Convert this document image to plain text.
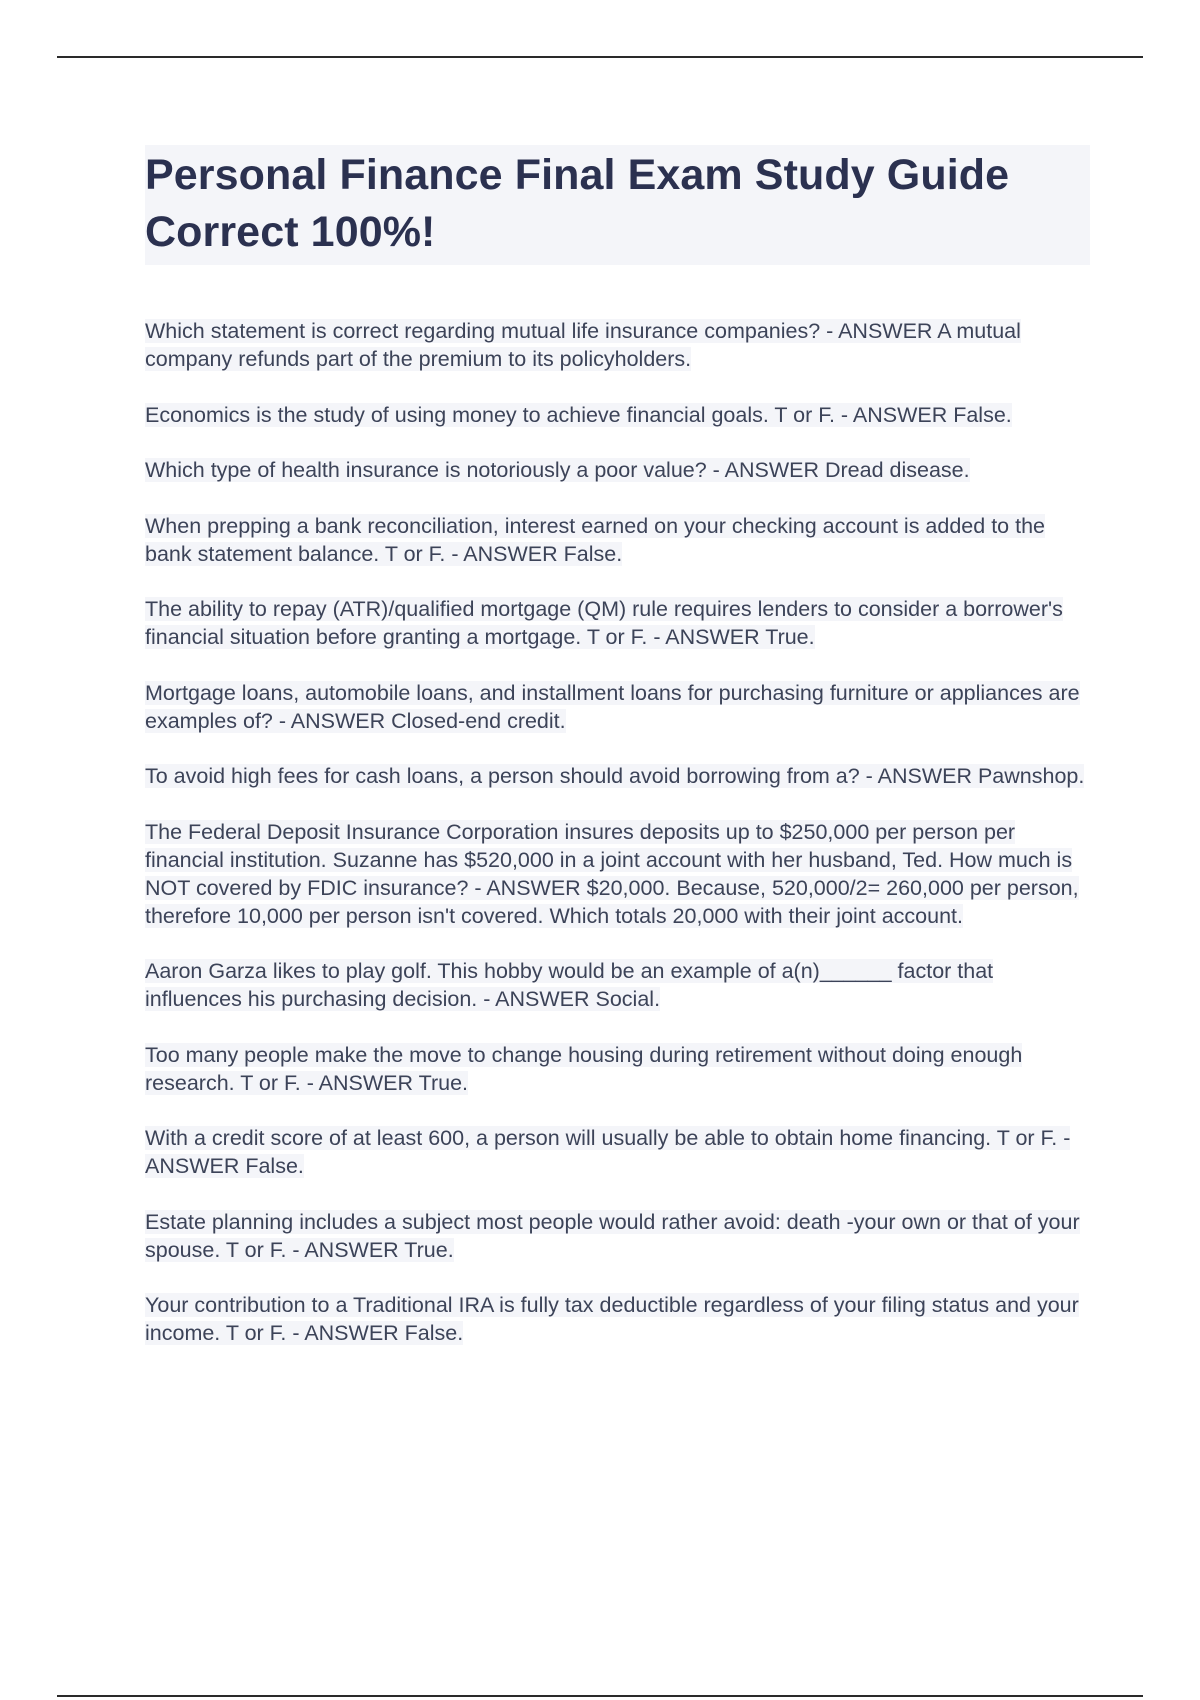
Personal Finance Final Exam Study Guide Correct 100%!

Which statement is correct regarding mutual life insurance companies? - ANSWER A mutual company refunds part of the premium to its policyholders.

Economics is the study of using money to achieve financial goals. T or F. - ANSWER False.

Which type of health insurance is notoriously a poor value? - ANSWER Dread disease.

When prepping a bank reconciliation, interest earned on your checking account is added to the bank statement balance. T or F. - ANSWER False.

The ability to repay (ATR)/qualified mortgage (QM) rule requires lenders to consider a borrower's financial situation before granting a mortgage. T or F. - ANSWER True.

Mortgage loans, automobile loans, and installment loans for purchasing furniture or appliances are examples of? - ANSWER Closed-end credit.

To avoid high fees for cash loans, a person should avoid borrowing from a? - ANSWER Pawnshop.

The Federal Deposit Insurance Corporation insures deposits up to $250,000 per person per financial institution. Suzanne has $520,000 in a joint account with her husband, Ted. How much is NOT covered by FDIC insurance? - ANSWER $20,000. Because, 520,000/2= 260,000 per person, therefore 10,000 per person isn't covered. Which totals 20,000 with their joint account.

Aaron Garza likes to play golf. This hobby would be an example of a(n)______ factor that influences his purchasing decision. - ANSWER Social.

Too many people make the move to change housing during retirement without doing enough research. T or F. - ANSWER True.

With a credit score of at least 600, a person will usually be able to obtain home financing. T or F. - ANSWER False.

Estate planning includes a subject most people would rather avoid: death -your own or that of your spouse. T or F. - ANSWER True.

Your contribution to a Traditional IRA is fully tax deductible regardless of your filing status and your income. T or F. - ANSWER False.
